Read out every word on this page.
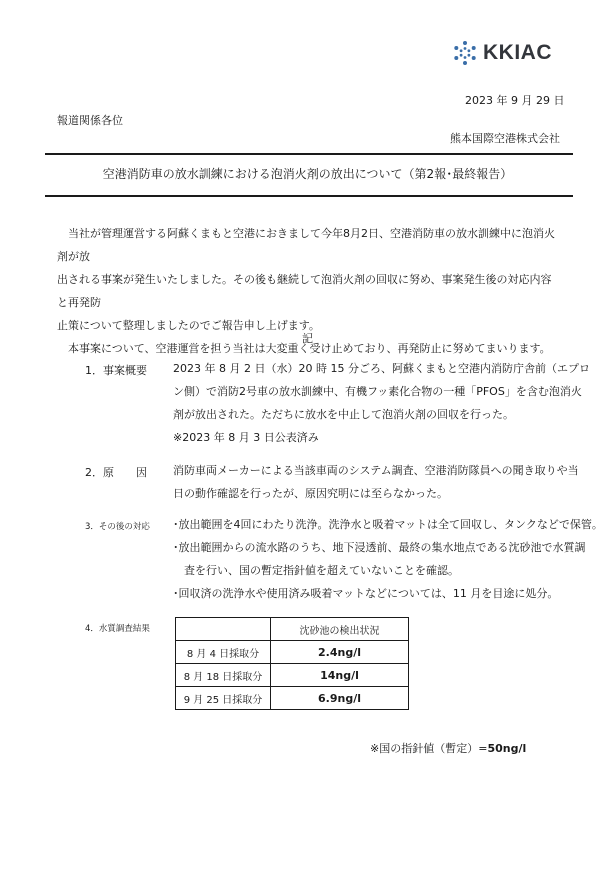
KKIAC
2023 年 9 月 29 日
報道関係各位
熊本国際空港株式会社
空港消防車の放水訓練における泡消火剤の放出について（第2報･最終報告）
　当社が管理運営する阿蘇くまもと空港におきまして今年8月2日、空港消防車の放水訓練中に泡消火剤が放
出される事案が発生いたしました。その後も継続して泡消火剤の回収に努め、事案発生後の対応内容と再発防
止策について整理しましたのでご報告申し上げます。
　本事案について、空港運営を担う当社は大変重く受け止めており、再発防止に努めてまいります。
記
1．事案概要 2023 年 8 月 2 日（水）20 時 15 分ごろ、阿蘇くまもと空港内消防庁舎前（エプロ
ン側）で消防2号車の放水訓練中、有機フッ素化合物の一種「PFOS」を含む泡消火
剤が放出された。ただちに放水を中止して泡消火剤の回収を行った。
※2023 年 8 月 3 日公表済み
2．原　　因 消防車両メーカーによる当該車両のシステム調査、空港消防隊員への聞き取りや当
日の動作確認を行ったが、原因究明には至らなかった。
3．その後の対応 ･放出範囲を4回にわたり洗浄。洗浄水と吸着マットは全て回収し、タンクなどで保管。
･放出範囲からの流水路のうち、地下浸透前、最終の集水地点である沈砂池で水質調
　査を行い、国の暫定指針値を超えていないことを確認。
･回収済の洗浄水や使用済み吸着マットなどについては、11 月を目途に処分。
4．水質調査結果
		沈砂池の検出状況
8 月 4 日採取分	2.4ng/l
8 月 18 日採取分	14ng/l
9 月 25 日採取分	6.9ng/l
※国の指針値（暫定）=50ng/l
